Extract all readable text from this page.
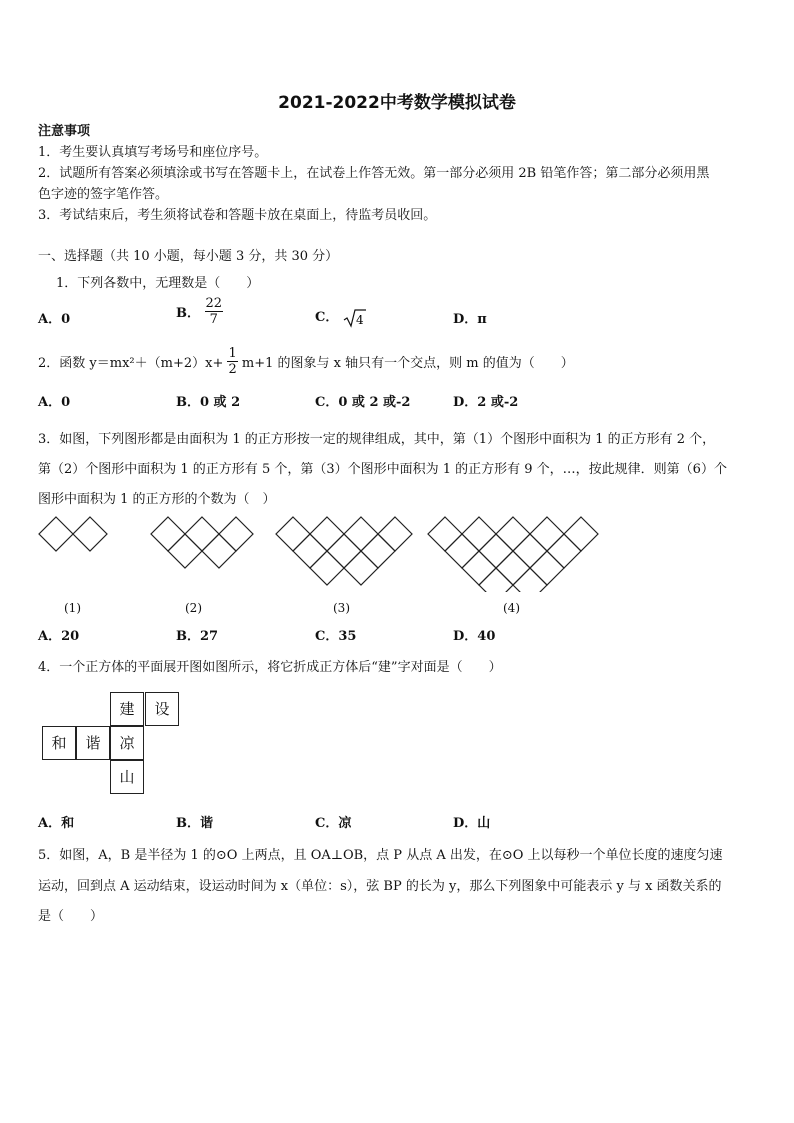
2021-2022中考数学模拟试卷
注意事项
1．考生要认真填写考场号和座位序号。
2．试题所有答案必须填涂或书写在答题卡上，在试卷上作答无效。第一部分必须用 2B 铅笔作答；第二部分必须用黑
色字迹的签字笔作答。
3．考试结束后，考生须将试卷和答题卡放在桌面上，待监考员收回。
一、选择题（共 10 小题，每小题 3 分，共 30 分）
1．下列各数中，无理数是（　　）
A．0	B． $\frac{22}{7}$	C． 4	D．π
2．函数 $y=mx^2+(m+2)x+ \frac{1}{2} m+1$ 的图象与 x 轴只有一个交点，则 m 的值为（　　）
A．0	B．0 或 2	C．0 或 2 或-2	D．2 或-2
3．如图，下列图形都是由面积为 1 的正方形按一定的规律组成，其中，第（1）个图形中面积为 1 的正方形有 2 个，
第（2）个图形中面积为 1 的正方形有 5 个，第（3）个图形中面积为 1 的正方形有 9 个，…，按此规律．则第（6）个
图形中面积为 1 的正方形的个数为（　）
(1)	(2)	(3)	(4)
A．20	B．27	C．35	D．40
4．一个正方体的平面展开图如图所示，将它折成正方体后“建”字对面是（　　）
建	设
和	谐	凉
山
A．和	B．谐	C．凉	D．山
5．如图，A，B 是半径为 1 的⊙O 上两点，且 OA⊥OB，点 P 从点 A 出发，在⊙O 上以每秒一个单位长度的速度匀速
运动，回到点 A 运动结束，设运动时间为 x（单位：s），弦 BP 的长为 y，那么下列图象中可能表示 y 与 x 函数关系的
是（　　）
